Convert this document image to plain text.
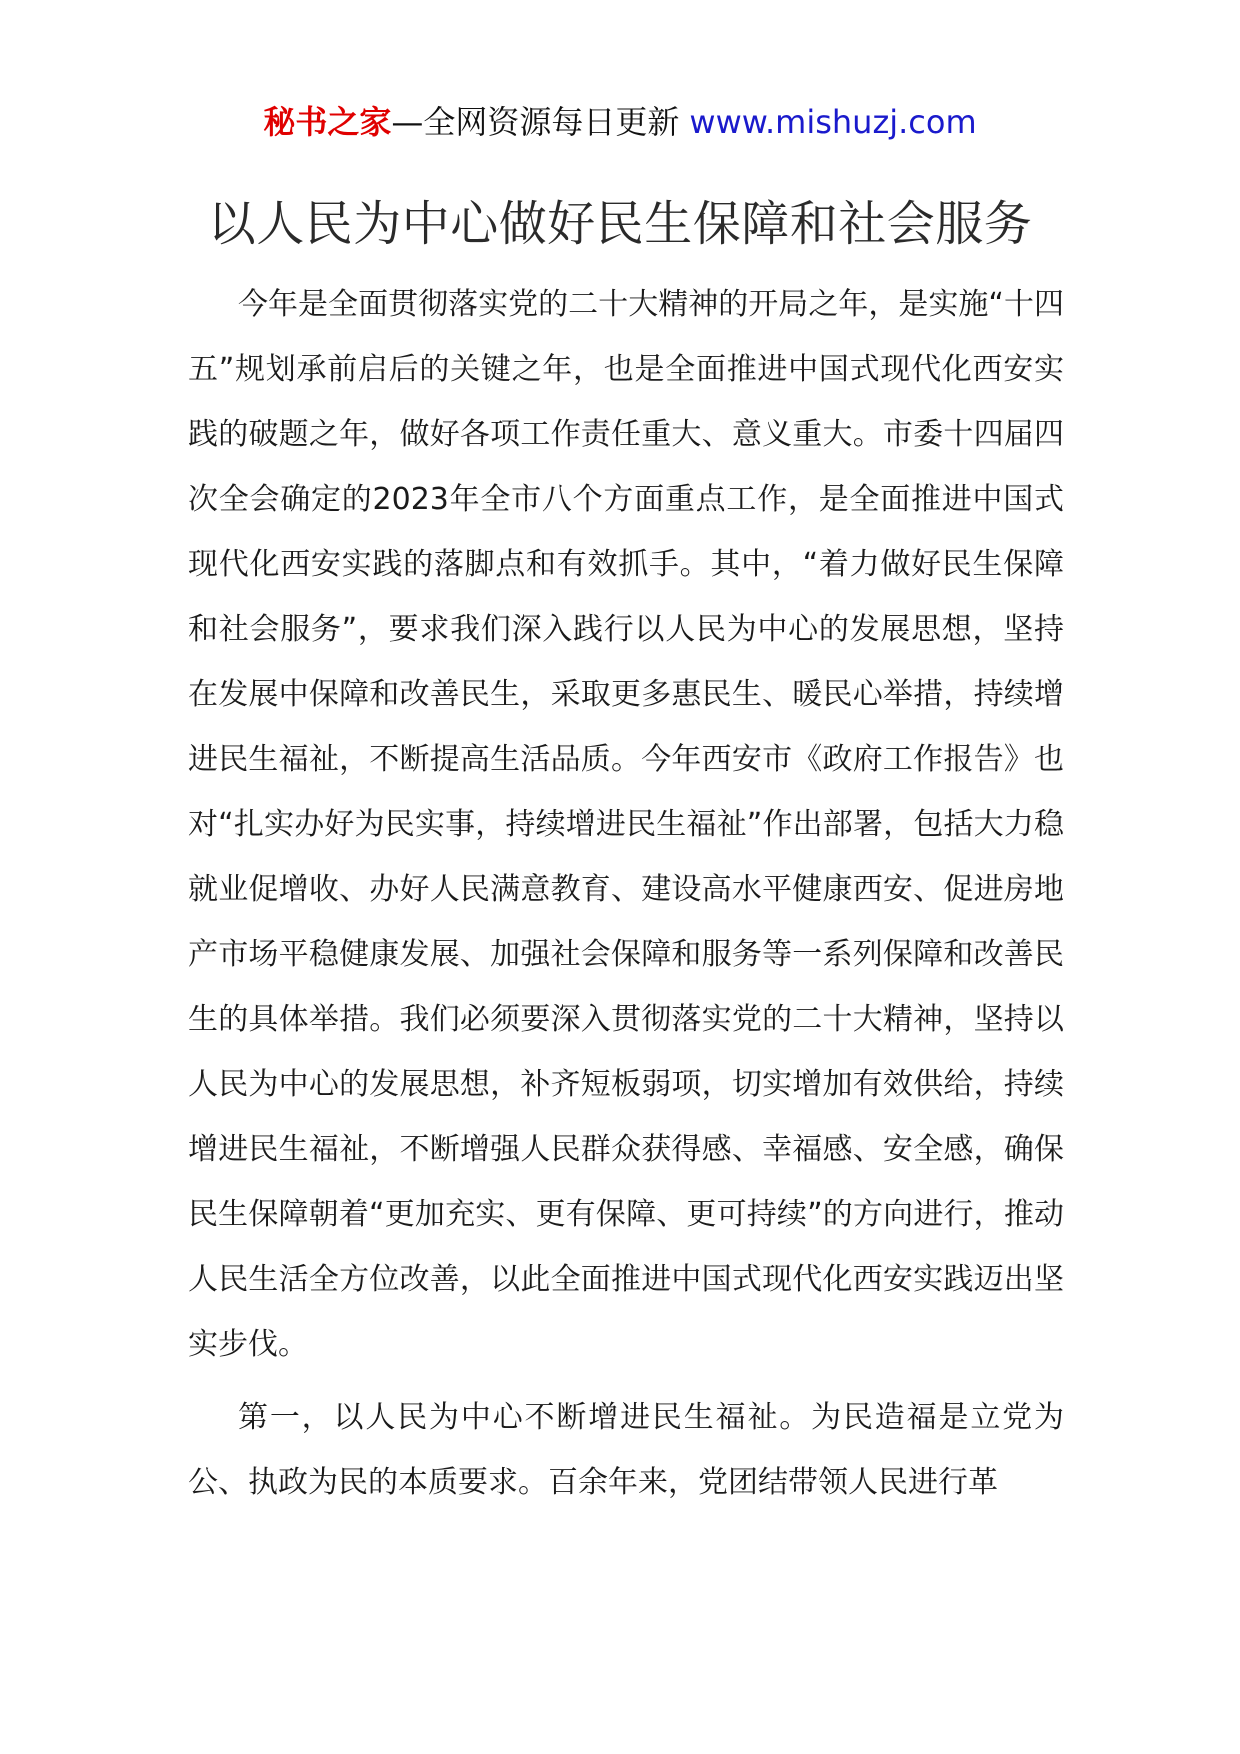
秘书之家—全网资源每日更新 www.mishuzj.com
以人民为中心做好民生保障和社会服务

今年是全面贯彻落实党的二十大精神的开局之年，是实施“十四五”规划承前启后的关键之年，也是全面推进中国式现代化西安实践的破题之年，做好各项工作责任重大、意义重大。市委十四届四次全会确定的2023年全市八个方面重点工作，是全面推进中国式现代化西安实践的落脚点和有效抓手。其中，“着力做好民生保障和社会服务”，要求我们深入践行以人民为中心的发展思想，坚持在发展中保障和改善民生，采取更多惠民生、暖民心举措，持续增进民生福祉，不断提高生活品质。今年西安市《政府工作报告》也对“扎实办好为民实事，持续增进民生福祉”作出部署，包括大力稳就业促增收、办好人民满意教育、建设高水平健康西安、促进房地产市场平稳健康发展、加强社会保障和服务等一系列保障和改善民生的具体举措。我们必须要深入贯彻落实党的二十大精神，坚持以人民为中心的发展思想，补齐短板弱项，切实增加有效供给，持续增进民生福祉，不断增强人民群众获得感、幸福感、安全感，确保民生保障朝着“更加充实、更有保障、更可持续”的方向进行，推动人民生活全方位改善，以此全面推进中国式现代化西安实践迈出坚实步伐。

第一，以人民为中心不断增进民生福祉。为民造福是立党为公、执政为民的本质要求。百余年来，党团结带领人民进行革
